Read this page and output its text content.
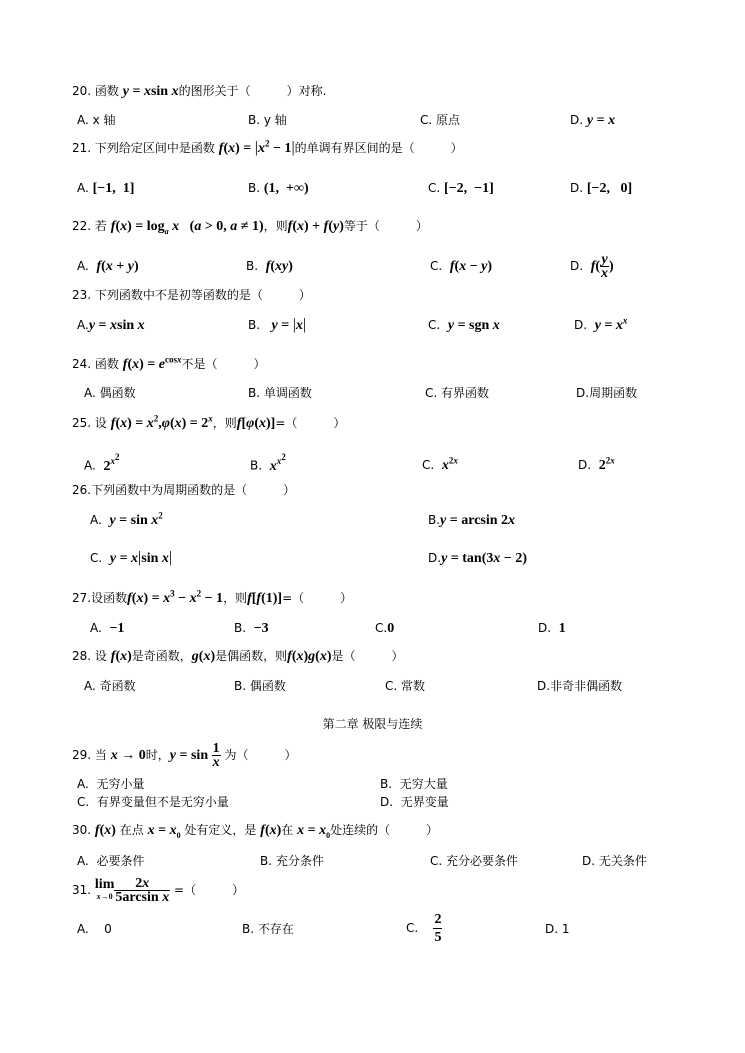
20. 函数 y = xsin x的图形关于（　　　）对称.
A. x 轴	B. y 轴	C. 原点	D. y = x
21. 下列给定区间中是函数 $f(x) = |x^2 - 1|$的单调有界区间的是（　　　）
A. [−1,  1]	B. (1,  +∞)	C. [−2,  −1]	D. [−2,   0]
22. 若 $f(x) = \log_a x$   (a > 0, a ≠ 1)，则f(x) + f(y)等于（　　　）
A. f(x + y)	B. f(xy)	C. f(x − y)	D. $f( \frac{y}{x}$ )
23. 下列函数中不是初等函数的是（　　　）
A.y = xsin x	B. y = |x|	C. y = sgn x	D. $y = x^x$
24. 函数 $f(x) = e^{cosx}$不是（　　　）
A. 偶函数	B. 单调函数	C. 有界函数	D.周期函数
25. 设 $f(x) = x^2,\varphi(x) = 2^x$，则f[φ(x)]=（　　　）
A. $2^{x^2}$
B. $x^{x^2}$
C. $x^{2x}$	D. $2^{2x}$
26.下列函数中为周期函数的是（　　　）
A. $y = \sin x^2$	B.y = arcsin 2x
C. y = x|sin x|	D.y = tan(3x − 2)
27.设函数$f(x) = x^3 - x^2 - 1$，则f[f(1)]=（　　　）
A. −1	B. −3	C.0	D. 1
28. 设 f(x)是奇函数，g(x)是偶函数，则f(x)g(x)是（　　　）
A. 奇函数	B. 偶函数	C. 常数	D.非奇非偶函数
第二章 极限与连续
29. 当 x → 0时，$y = \sin \frac{1}{x}$ 为（　　　）
A. 无穷小量	B. 无穷大量
C. 有界变量但不是无穷小量	D. 无界变量
30. f(x) 在点 $x = x_0$ 处有定义，是 f(x)在 $x = x_0$处连续的（　　　）
A. 必要条件	B. 充分条件	C. 充分必要条件	D. 无关条件
31. lim
$x\to 0 \frac{2x}{\text{5arcsin x}}$ =（　　　）
A. 0	B. 不存在	C. $\frac{2}{5}$	D. 1
